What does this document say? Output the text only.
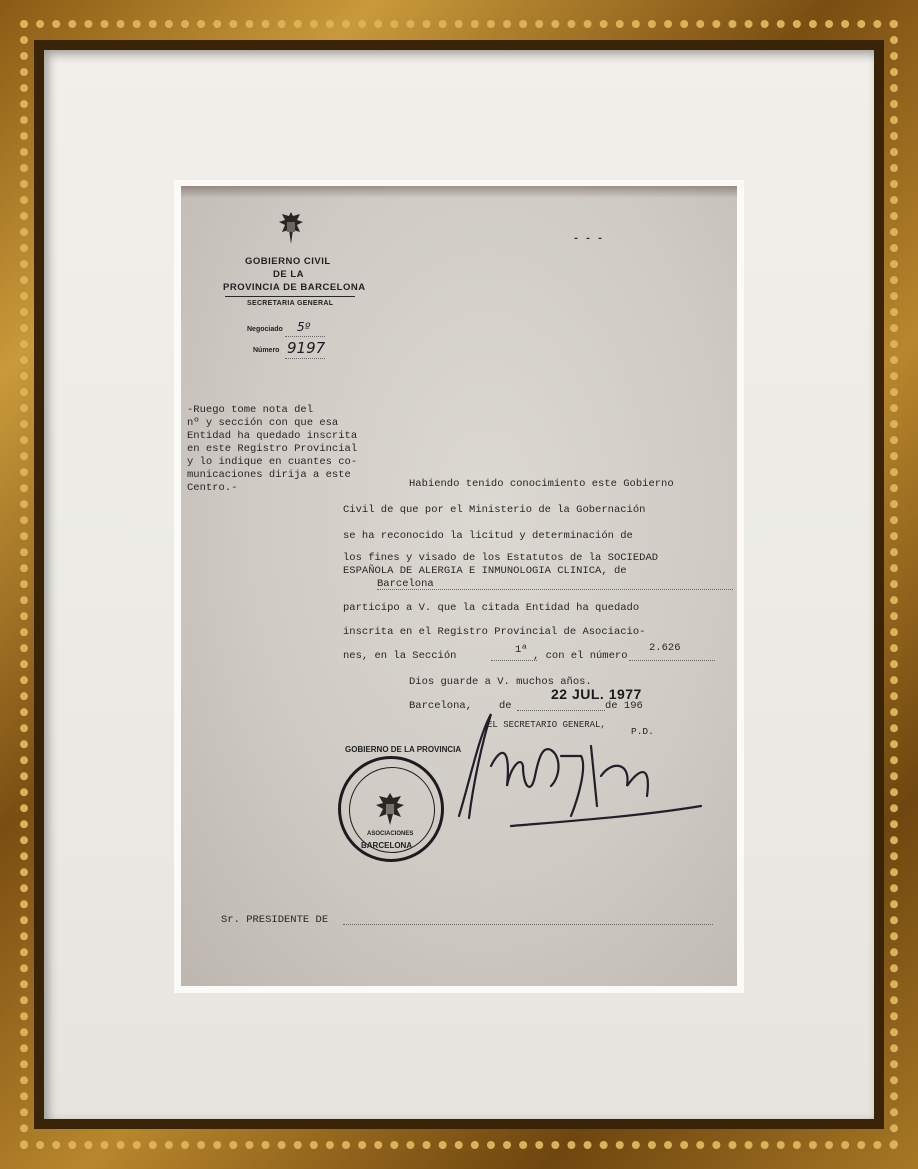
GOBIERNO CIVIL
DE LA
PROVINCIA DE BARCELONA
SECRETARIA GENERAL
Negociado 5º
Número 9197
- - -
-Ruego tome nota del
nº y sección con que esa
Entidad ha quedado inscrita
en este Registro Provincial
y lo indique en cuantes co-
municaciones dirija a este
Centro.-	Habiendo tenido conocimiento este Gobierno
Civil de que por el Ministerio de la Gobernación
se ha reconocido la licitud y determinación de
los fines y visado de los Estatutos de la SOCIEDAD
ESPAÑOLA DE ALERGIA E INMUNOLOGIA CLINICA, de
Barcelona
participo a V. que la citada Entidad ha quedado
inscrita en el Registro Provincial de Asociacio-
nes, en la Sección	1ª , con el número
2.626
Dios guarde a V. muchos años.
Barcelona,	de	de 196
22 JUL. 1977
EL SECRETARIO GENERAL,
P.D.
GOBIERNO DE LA PROVINCIA
ASOCIACIONES
BARCELONA
Sr. PRESIDENTE DE
